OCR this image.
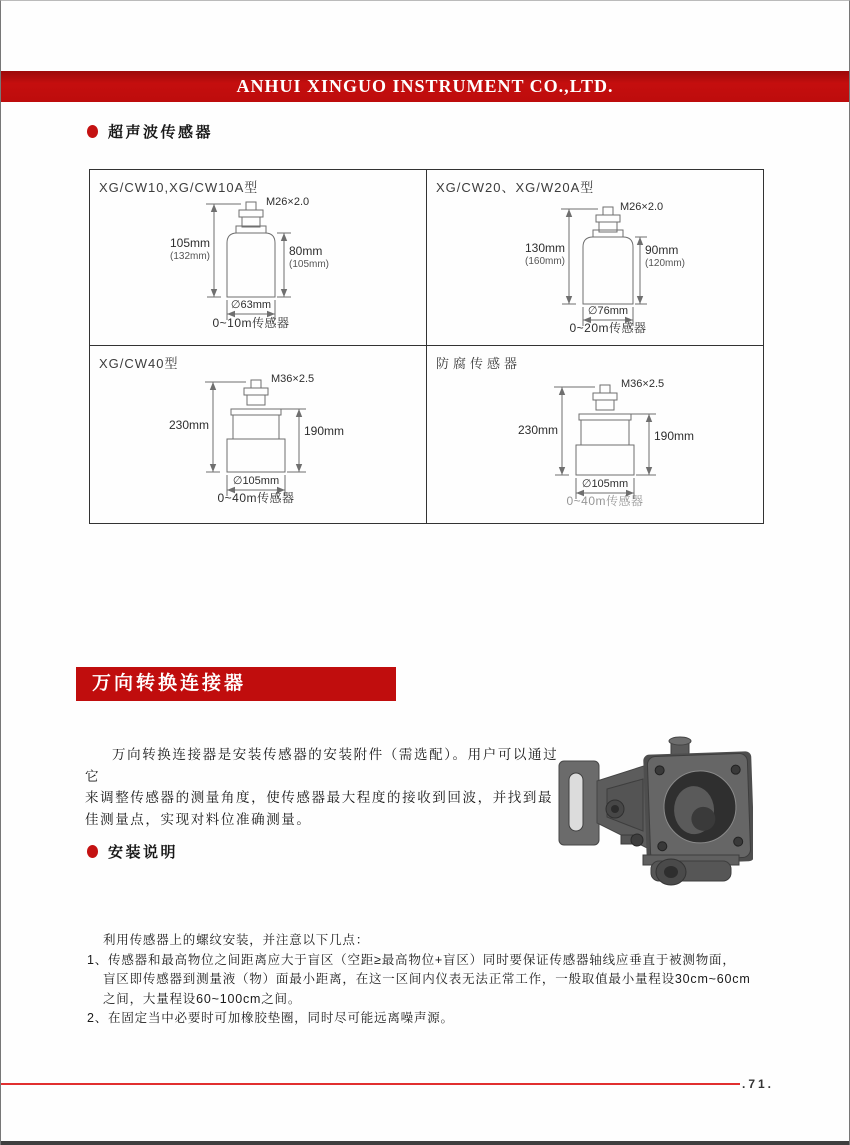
ANHUI XINGUO INSTRUMENT CO.,LTD.
超声波传感器
XG/CW10,XG/CW10A型
M26×2.0
105mm
(132mm)	80mm
(105mm)
∅63mm
0~10m传感器
XG/CW20、XG/W20A型
M26×2.0
130mm
(160mm)
90mm
(120mm)
∅76mm
0~20m传感器
XG/CW40型
M36×2.5
230mm	190mm
∅105mm
0~40m传感器
防腐传感器
M36×2.5
230mm	190mm
∅105mm
0~40m传感器
万向转换连接器
万向转换连接器是安装传感器的安装附件（需选配）。用户可以通过它
来调整传感器的测量角度，使传感器最大程度的接收到回波，并找到最
佳测量点，实现对料位准确测量。
安装说明
利用传感器上的螺纹安装，并注意以下几点：
1、传感器和最高物位之间距离应大于盲区（空距≥最高物位+盲区）同时要保证传感器轴线应垂直于被测物面，
盲区即传感器到测量液（物）面最小距离，在这一区间内仪表无法正常工作，一般取值最小量程设30cm~60cm
之间，大量程设60~100cm之间。
2、在固定当中必要时可加橡胶垫圈，同时尽可能远离噪声源。
.71.
